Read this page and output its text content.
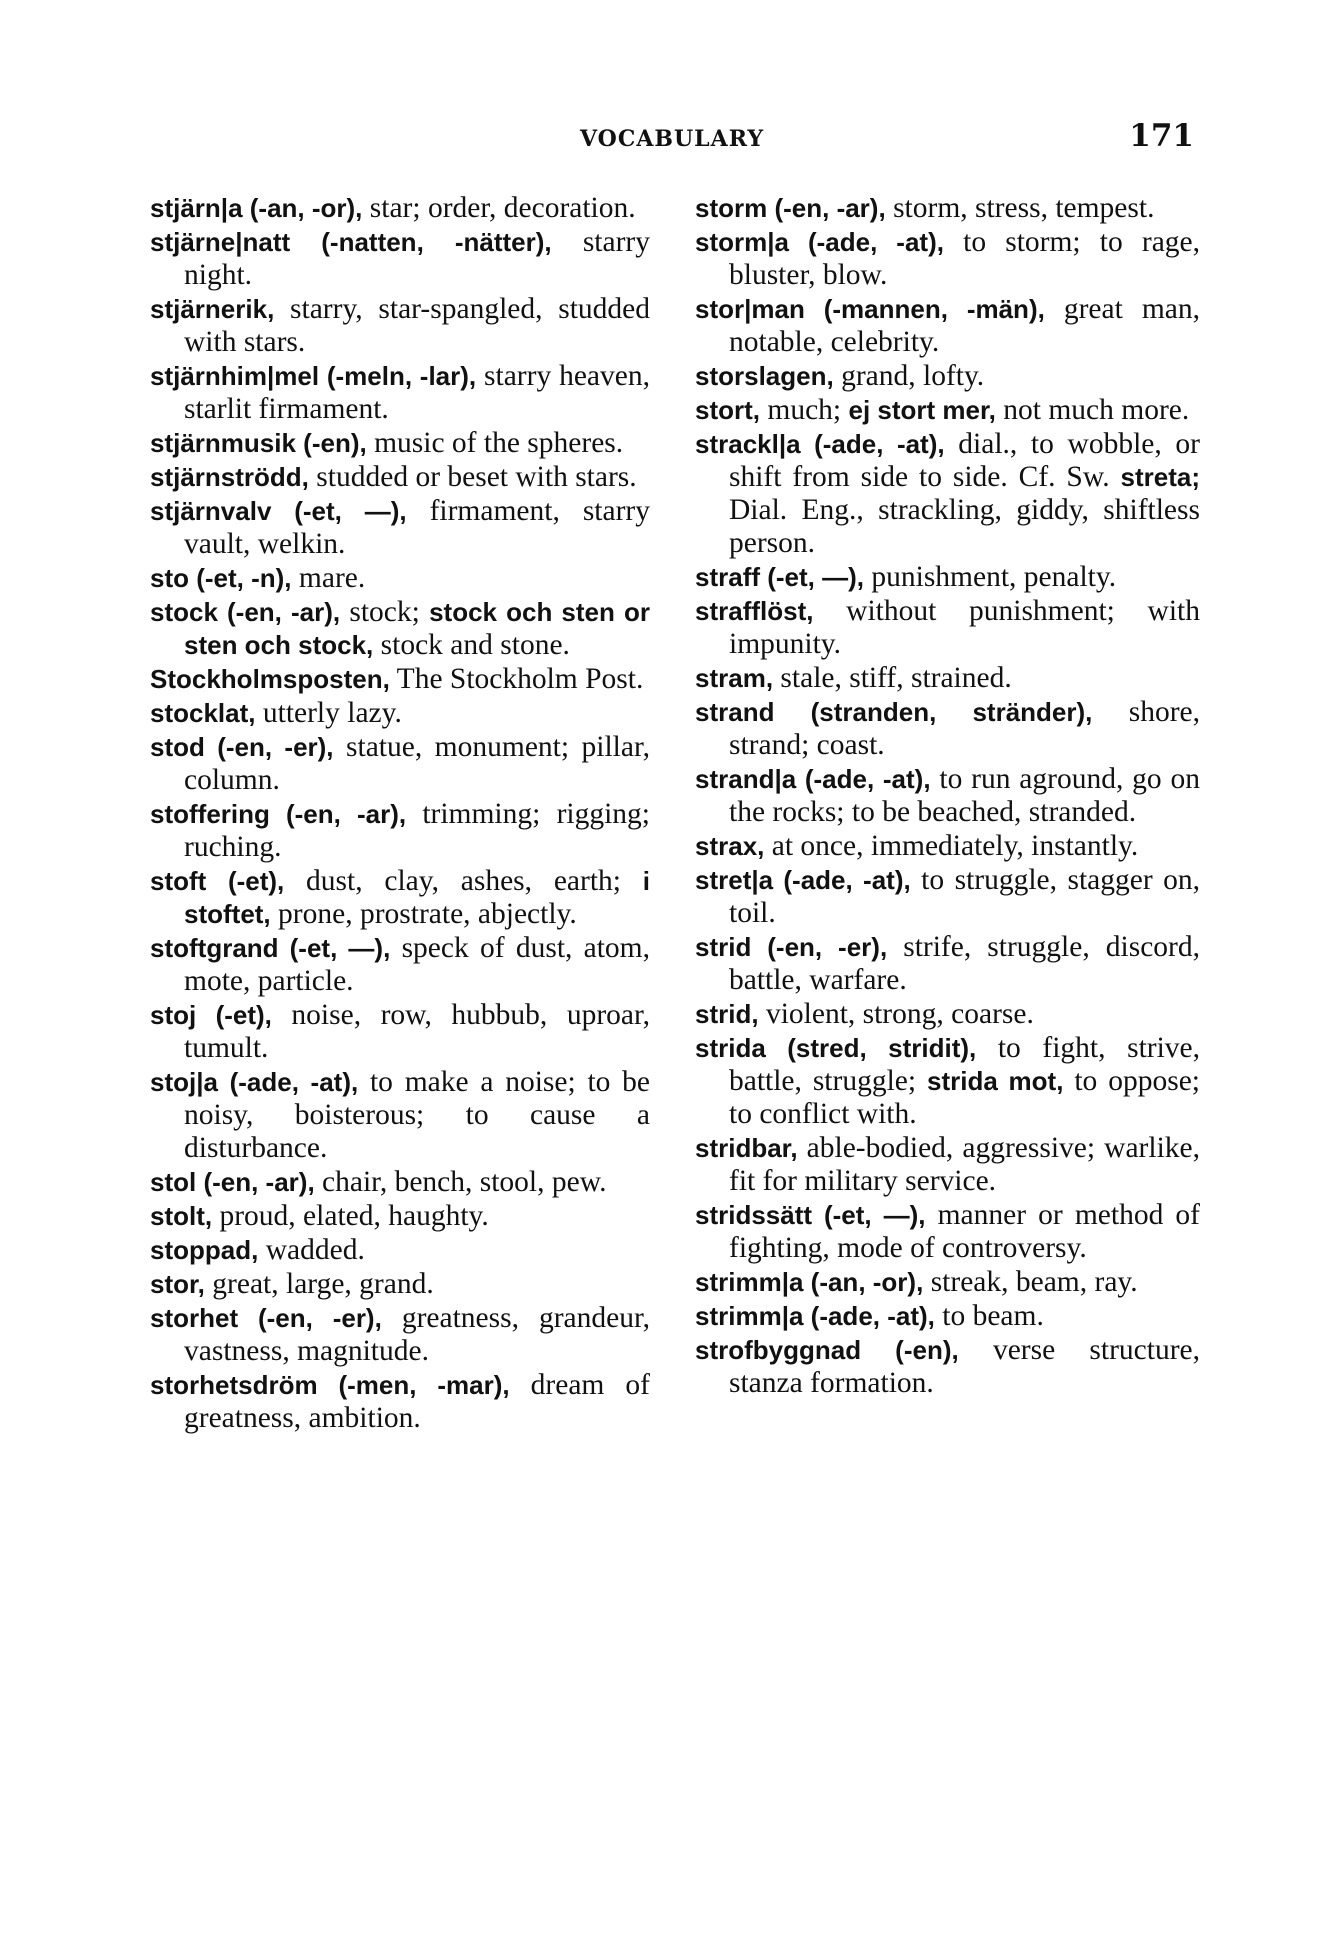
VOCABULARY	171
stjärn|a (-an, -or), star; order, decoration.
stjärne|natt (-natten, -nätter), starry night.
stjärnerik, starry, star-spangled, studded with stars.
stjärnhim|mel (-meln, -lar), starry heaven, starlit firmament.
stjärnmusik (-en), music of the spheres.
stjärnströdd, studded or beset with stars.
stjärnvalv (-et, —), firmament, starry vault, welkin.
sto (-et, -n), mare.
stock (-en, -ar), stock; stock och sten or sten och stock, stock and stone.
Stockholmsposten, The Stockholm Post.
stocklat, utterly lazy.
stod (-en, -er), statue, monument; pillar, column.
stoffering (-en, -ar), trimming; rigging; ruching.
stoft (-et), dust, clay, ashes, earth; i stoftet, prone, prostrate, abjectly.
stoftgrand (-et, —), speck of dust, atom, mote, particle.
stoj (-et), noise, row, hubbub, uproar, tumult.
stoj|a (-ade, -at), to make a noise; to be noisy, boisterous; to cause a disturbance.
stol (-en, -ar), chair, bench, stool, pew.
stolt, proud, elated, haughty.
stoppad, wadded.
stor, great, large, grand.
storhet (-en, -er), greatness, grandeur, vastness, magnitude.
storhetsdröm (-men, -mar), dream of greatness, ambition.
storm (-en, -ar), storm, stress, tempest.
storm|a (-ade, -at), to storm; to rage, bluster, blow.
stor|man (-mannen, -män), great man, notable, celebrity.
storslagen, grand, lofty.
stort, much; ej stort mer, not much more.
strackl|a (-ade, -at), dial., to wobble, or shift from side to side. Cf. Sw. streta; Dial. Eng., strackling, giddy, shiftless person.
straff (-et, —), punishment, penalty.
strafflöst, without punishment; with impunity.
stram, stale, stiff, strained.
strand (stranden, stränder), shore, strand; coast.
strand|a (-ade, -at), to run aground, go on the rocks; to be beached, stranded.
strax, at once, immediately, instantly.
stret|a (-ade, -at), to struggle, stagger on, toil.
strid (-en, -er), strife, struggle, discord, battle, warfare.
strid, violent, strong, coarse.
strida (stred, stridit), to fight, strive, battle, struggle; strida mot, to oppose; to conflict with.
stridbar, able-bodied, aggressive; warlike, fit for military service.
stridssätt (-et, —), manner or method of fighting, mode of controversy.
strimm|a (-an, -or), streak, beam, ray.
strimm|a (-ade, -at), to beam.
strofbyggnad (-en), verse structure, stanza formation.
